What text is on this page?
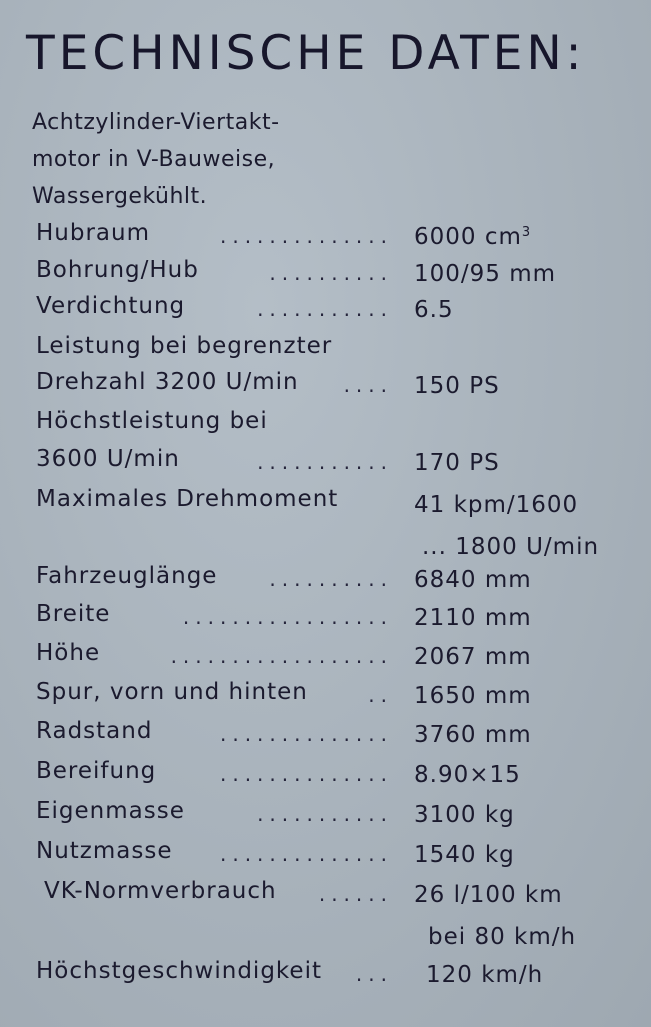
TECHNISCHE DATEN:
Achtzylinder-Viertakt-
motor in V-Bauweise,
Wassergekühlt.
Hubraum	.............. 6000 $cm^3$
Bohrung/Hub	.......... 100/95 mm
Verdichtung	........... 6.5
Leistung bei begrenzter
Drehzahl 3200 U/min .... 150 PS
Höchstleistung bei
3600 U/min	........... 170 PS
Maximales Drehmoment	41 kpm/1600
... 1800 U/min
Fahrzeuglänge	.......... 6840 mm
Breite	................. 2110 mm
Höhe	.................. 2067 mm
Spur, vorn und hinten	.. 1650 mm
Radstand	.............. 3760 mm
Bereifung	.............. 8.90×15
Eigenmasse	........... 3100 kg
Nutzmasse .............. 1540 kg
VK-Normverbrauch ...... 26 l/100 km
bei 80 km/h
Höchstgeschwindigkeit ... 120 km/h
